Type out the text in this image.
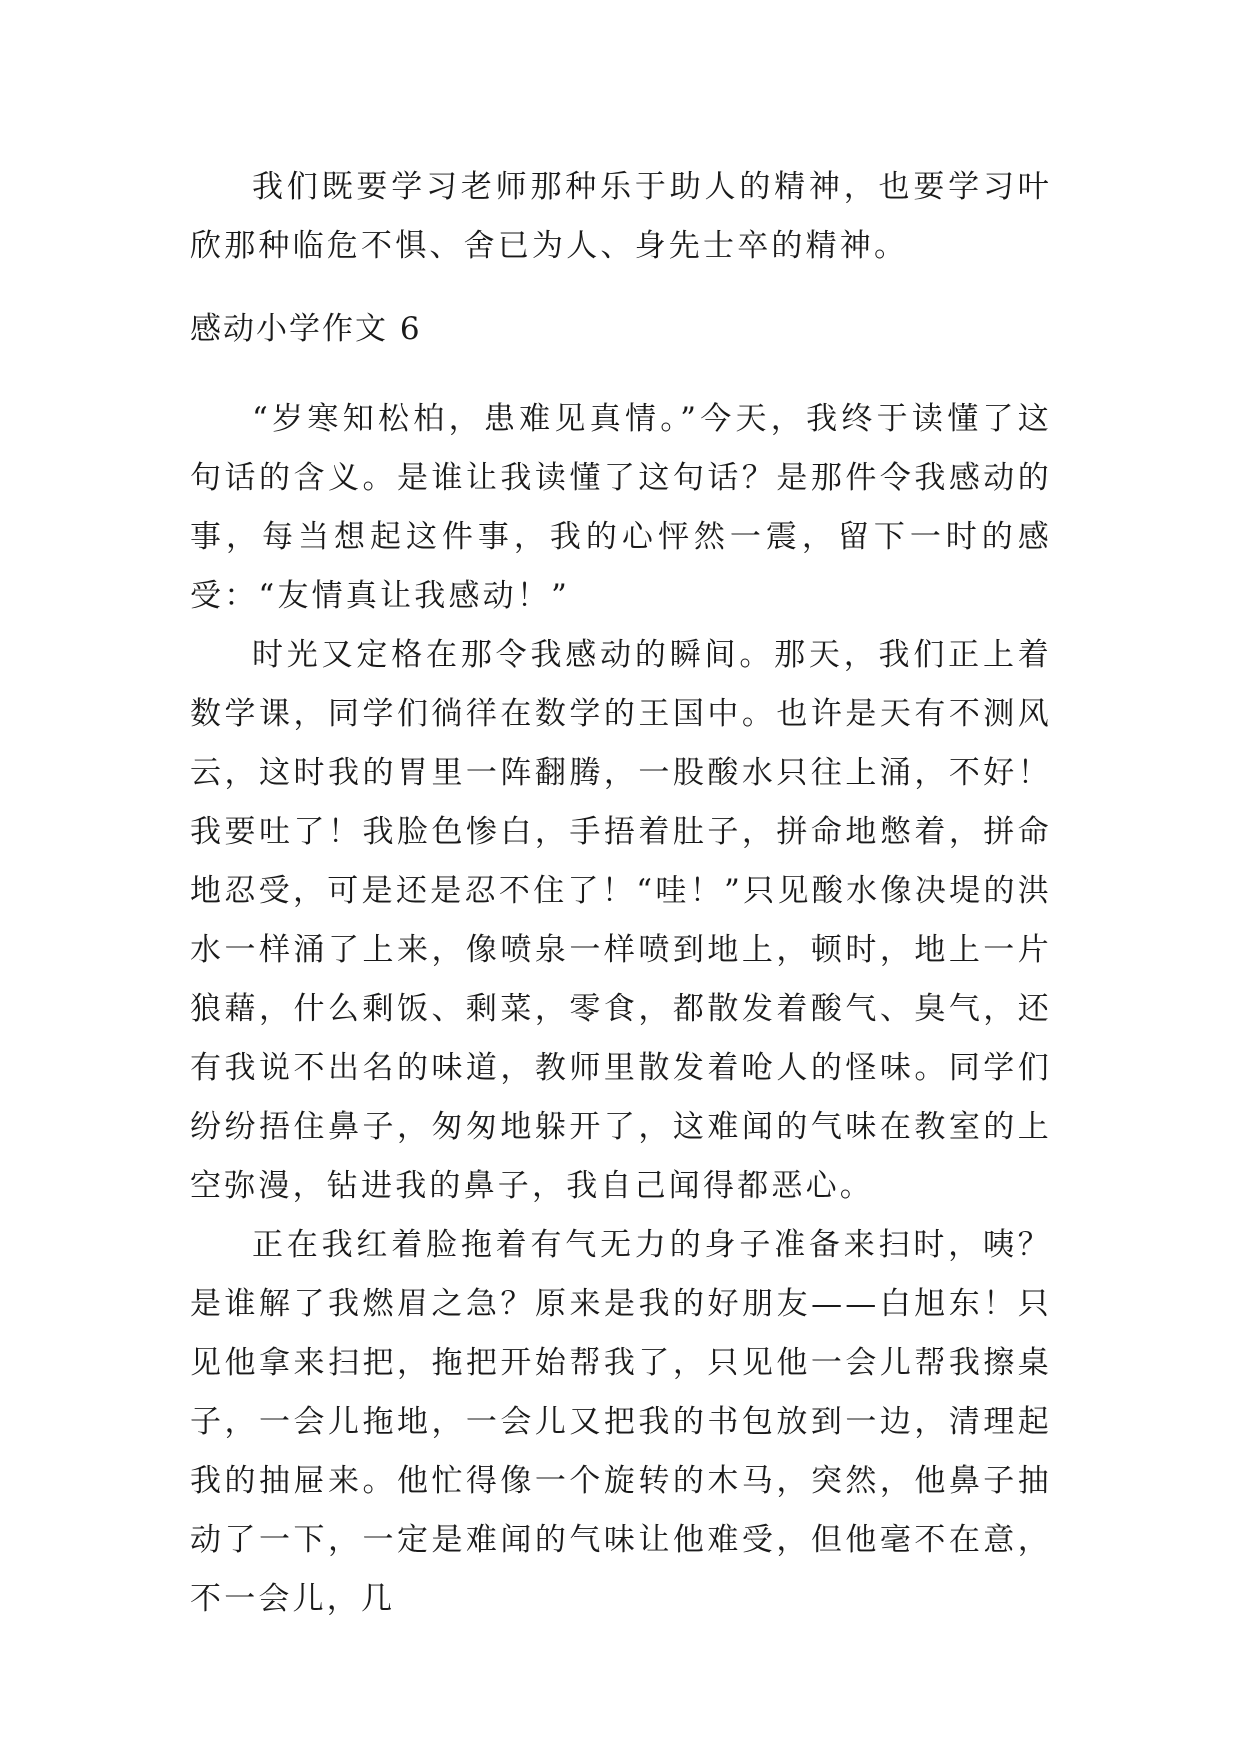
我们既要学习老师那种乐于助人的精神，也要学习叶欣那种临危不惧、舍已为人、身先士卒的精神。

感动小学作文 6

“岁寒知松柏，患难见真情。”今天，我终于读懂了这句话的含义。是谁让我读懂了这句话？是那件令我感动的事，每当想起这件事，我的心怦然一震，留下一时的感受：“友情真让我感动！”

时光又定格在那令我感动的瞬间。那天，我们正上着数学课，同学们徜徉在数学的王国中。也许是天有不测风云，这时我的胃里一阵翻腾，一股酸水只往上涌，不好！我要吐了！我脸色惨白，手捂着肚子，拼命地憋着，拼命地忍受，可是还是忍不住了！“哇！”只见酸水像决堤的洪水一样涌了上来，像喷泉一样喷到地上，顿时，地上一片狼藉，什么剩饭、剩菜，零食，都散发着酸气、臭气，还有我说不出名的味道，教师里散发着呛人的怪味。同学们纷纷捂住鼻子，匆匆地躲开了，这难闻的气味在教室的上空弥漫，钻进我的鼻子，我自己闻得都恶心。

正在我红着脸拖着有气无力的身子准备来扫时，咦？是谁解了我燃眉之急？原来是我的好朋友——白旭东！只见他拿来扫把，拖把开始帮我了，只见他一会儿帮我擦桌子，一会儿拖地，一会儿又把我的书包放到一边，清理起我的抽屉来。他忙得像一个旋转的木马，突然，他鼻子抽动了一下，一定是难闻的气味让他难受，但他毫不在意，不一会儿，几
